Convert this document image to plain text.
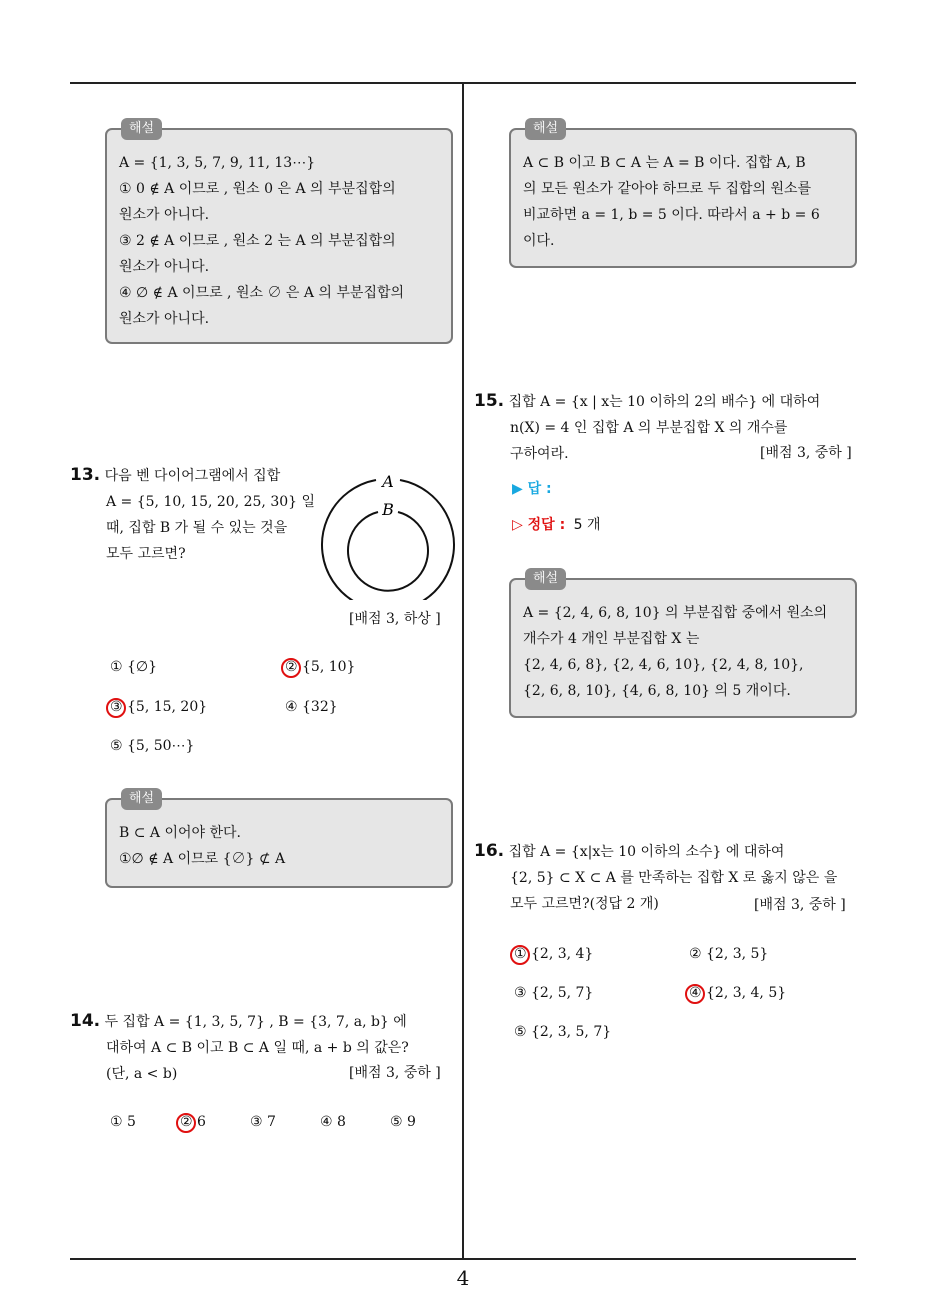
4
해설
A = {1, 3, 5, 7, 9, 11, 13⋯}
① 0 ∉ A 이므로 , 원소 0 은 A 의 부분집합의
원소가 아니다.
③ 2 ∉ A 이므로 , 원소 2 는 A 의 부분집합의
원소가 아니다.
④ ∅ ∉ A 이므로 , 원소 ∅ 은 A 의 부분집합의
원소가 아니다.
13. 다음 벤 다이어그램에서 집합
A = {5, 10, 15, 20, 25, 30} 일
때, 집합 B 가 될 수 있는 것을
모두 고르면?
A
B
[배점 3, 하상 ]
① {∅}	② {5, 10}
③ {5, 15, 20}	④ {32}
⑤ {5, 50⋯}
해설
B ⊂ A 이어야 한다.
①∅ ∉ A 이므로 {∅} ⊄ A
14. 두 집합 A = {1, 3, 5, 7} , B = {3, 7, a, b} 에
대하여 A ⊂ B 이고 B ⊂ A 일 때, a + b 의 값은?
(단, a < b)	[배점 3, 중하 ]
① 5	② 6	③ 7	④ 8	⑤ 9
해설
A ⊂ B 이고 B ⊂ A 는 A = B 이다. 집합 A, B
의 모든 원소가 같아야 하므로 두 집합의 원소를
비교하면 a = 1, b = 5 이다. 따라서 a + b = 6
이다.
15. 집합 A = {x | x는 10 이하의 2의 배수} 에 대하여
n(X) = 4 인 집합 A 의 부분집합 X 의 개수를
구하여라.	[배점 3, 중하 ]
▶ 답 :
▷ 정답 : 5 개
해설
A = {2, 4, 6, 8, 10} 의 부분집합 중에서 원소의
개수가 4 개인 부분집합 X 는
{2, 4, 6, 8}, {2, 4, 6, 10}, {2, 4, 8, 10},
{2, 6, 8, 10}, {4, 6, 8, 10} 의 5 개이다.
16. 집합 A = {x|x는 10 이하의 소수} 에 대하여
{2, 5} ⊂ X ⊂ A 를 만족하는 집합 X 로 옳지 않은 을
모두 고르면?(정답 2 개)	[배점 3, 중하 ]
① {2, 3, 4}	② {2, 3, 5}
③ {2, 5, 7}	④ {2, 3, 4, 5}
⑤ {2, 3, 5, 7}
